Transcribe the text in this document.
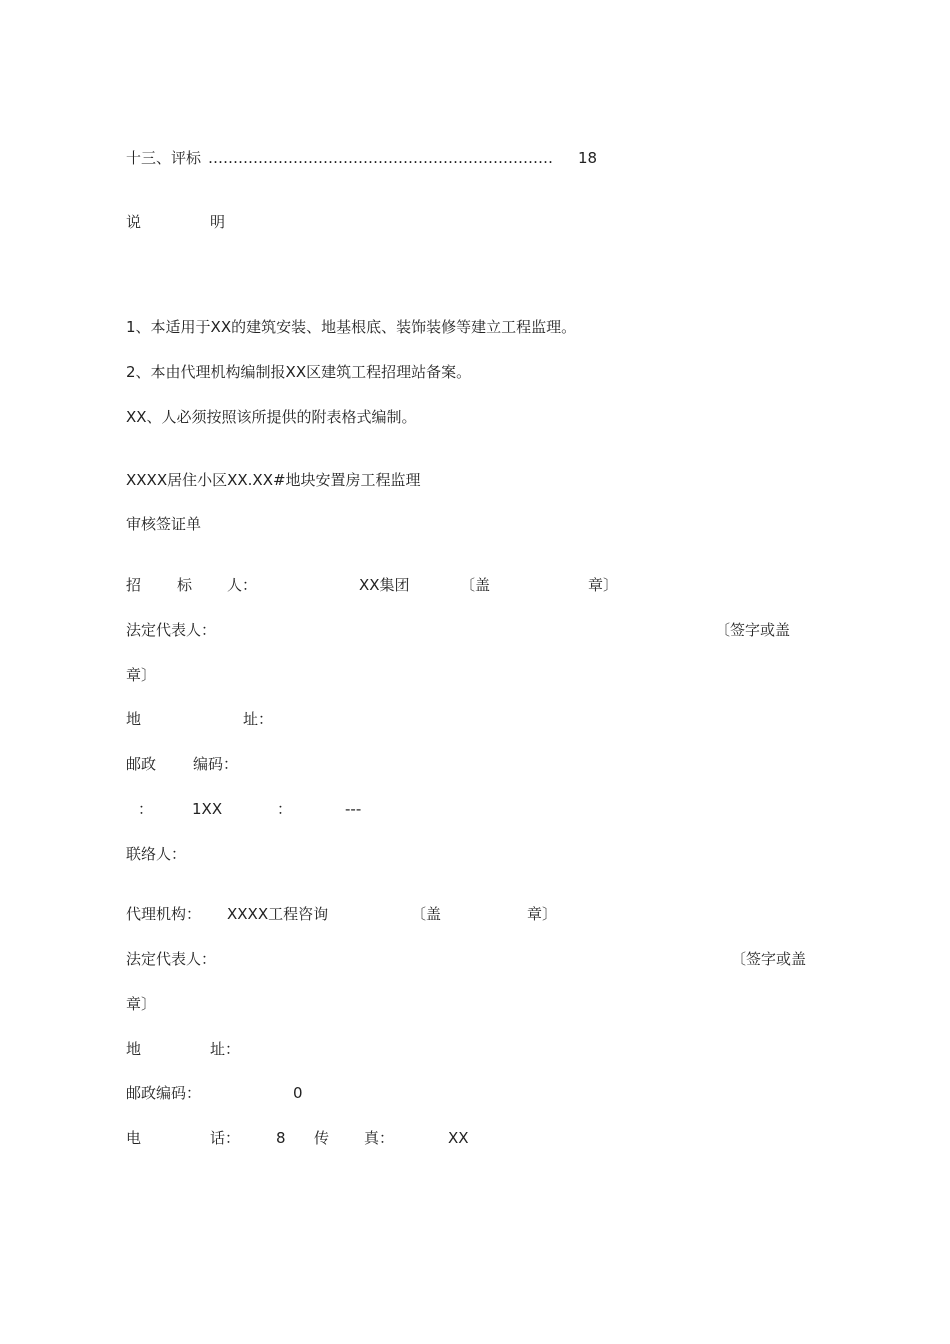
十三、评标 …………………………………………………………… 18
说	明
1、本适用于XX的建筑安装、地基根底、装饰装修等建立工程监理。
2、本由代理机构编制报XX区建筑工程招理站备案。
XX、人必须按照该所提供的附表格式编制。
XXXX居住小区XX.XX#地块安置房工程监理
审核签证单
招 标 人：	XX集团	〔盖	章〕
法定代表人：	〔签字或盖
章〕
地	址：
邮政 编码：
：	1XX	：	---
联络人：
代理机构： XXXX工程咨询	〔盖	章〕
法定代表人：	〔签字或盖
章〕
地	址：
邮政编码：	0
电	话： 8 传 真：	XX
